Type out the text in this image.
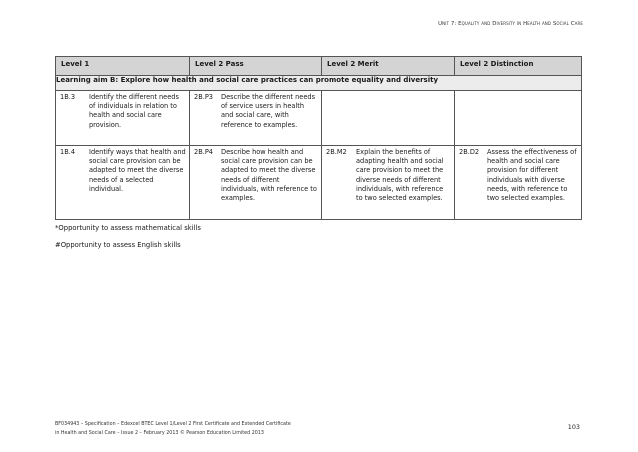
Unit 7: Equality and Diversity in Health and Social Care
Level 1	Level 2 Pass	Level 2 Merit	Level 2 Distinction
Learning aim B: Explore how health and social care practices can promote equality and diversity			

1B.3 Identify the different needs of individuals in relation to health and social care provision.	2B.P3 Describe the different needs of service users in health and social care, with reference to examples.		

1B.4 Identify ways that health and social care provision can be adapted to meet the diverse needs of a selected individual.	2B.P4 Describe how health and social care provision can be adapted to meet the diverse needs of different individuals, with reference to examples.	2B.M2 Explain the benefits of adapting health and social care provision to meet the diverse needs of different individuals, with reference to two selected examples.	2B.D2 Assess the effectiveness of health and social care provision for different individuals with diverse needs, with reference to two selected examples.
*Opportunity to assess mathematical skills
#Opportunity to assess English skills
BF034943 – Specification – Edexcel BTEC Level 1/Level 2 First Certificate and Extended Certificate
in Health and Social Care – Issue 2 – February 2013 © Pearson Education Limited 2013
103
